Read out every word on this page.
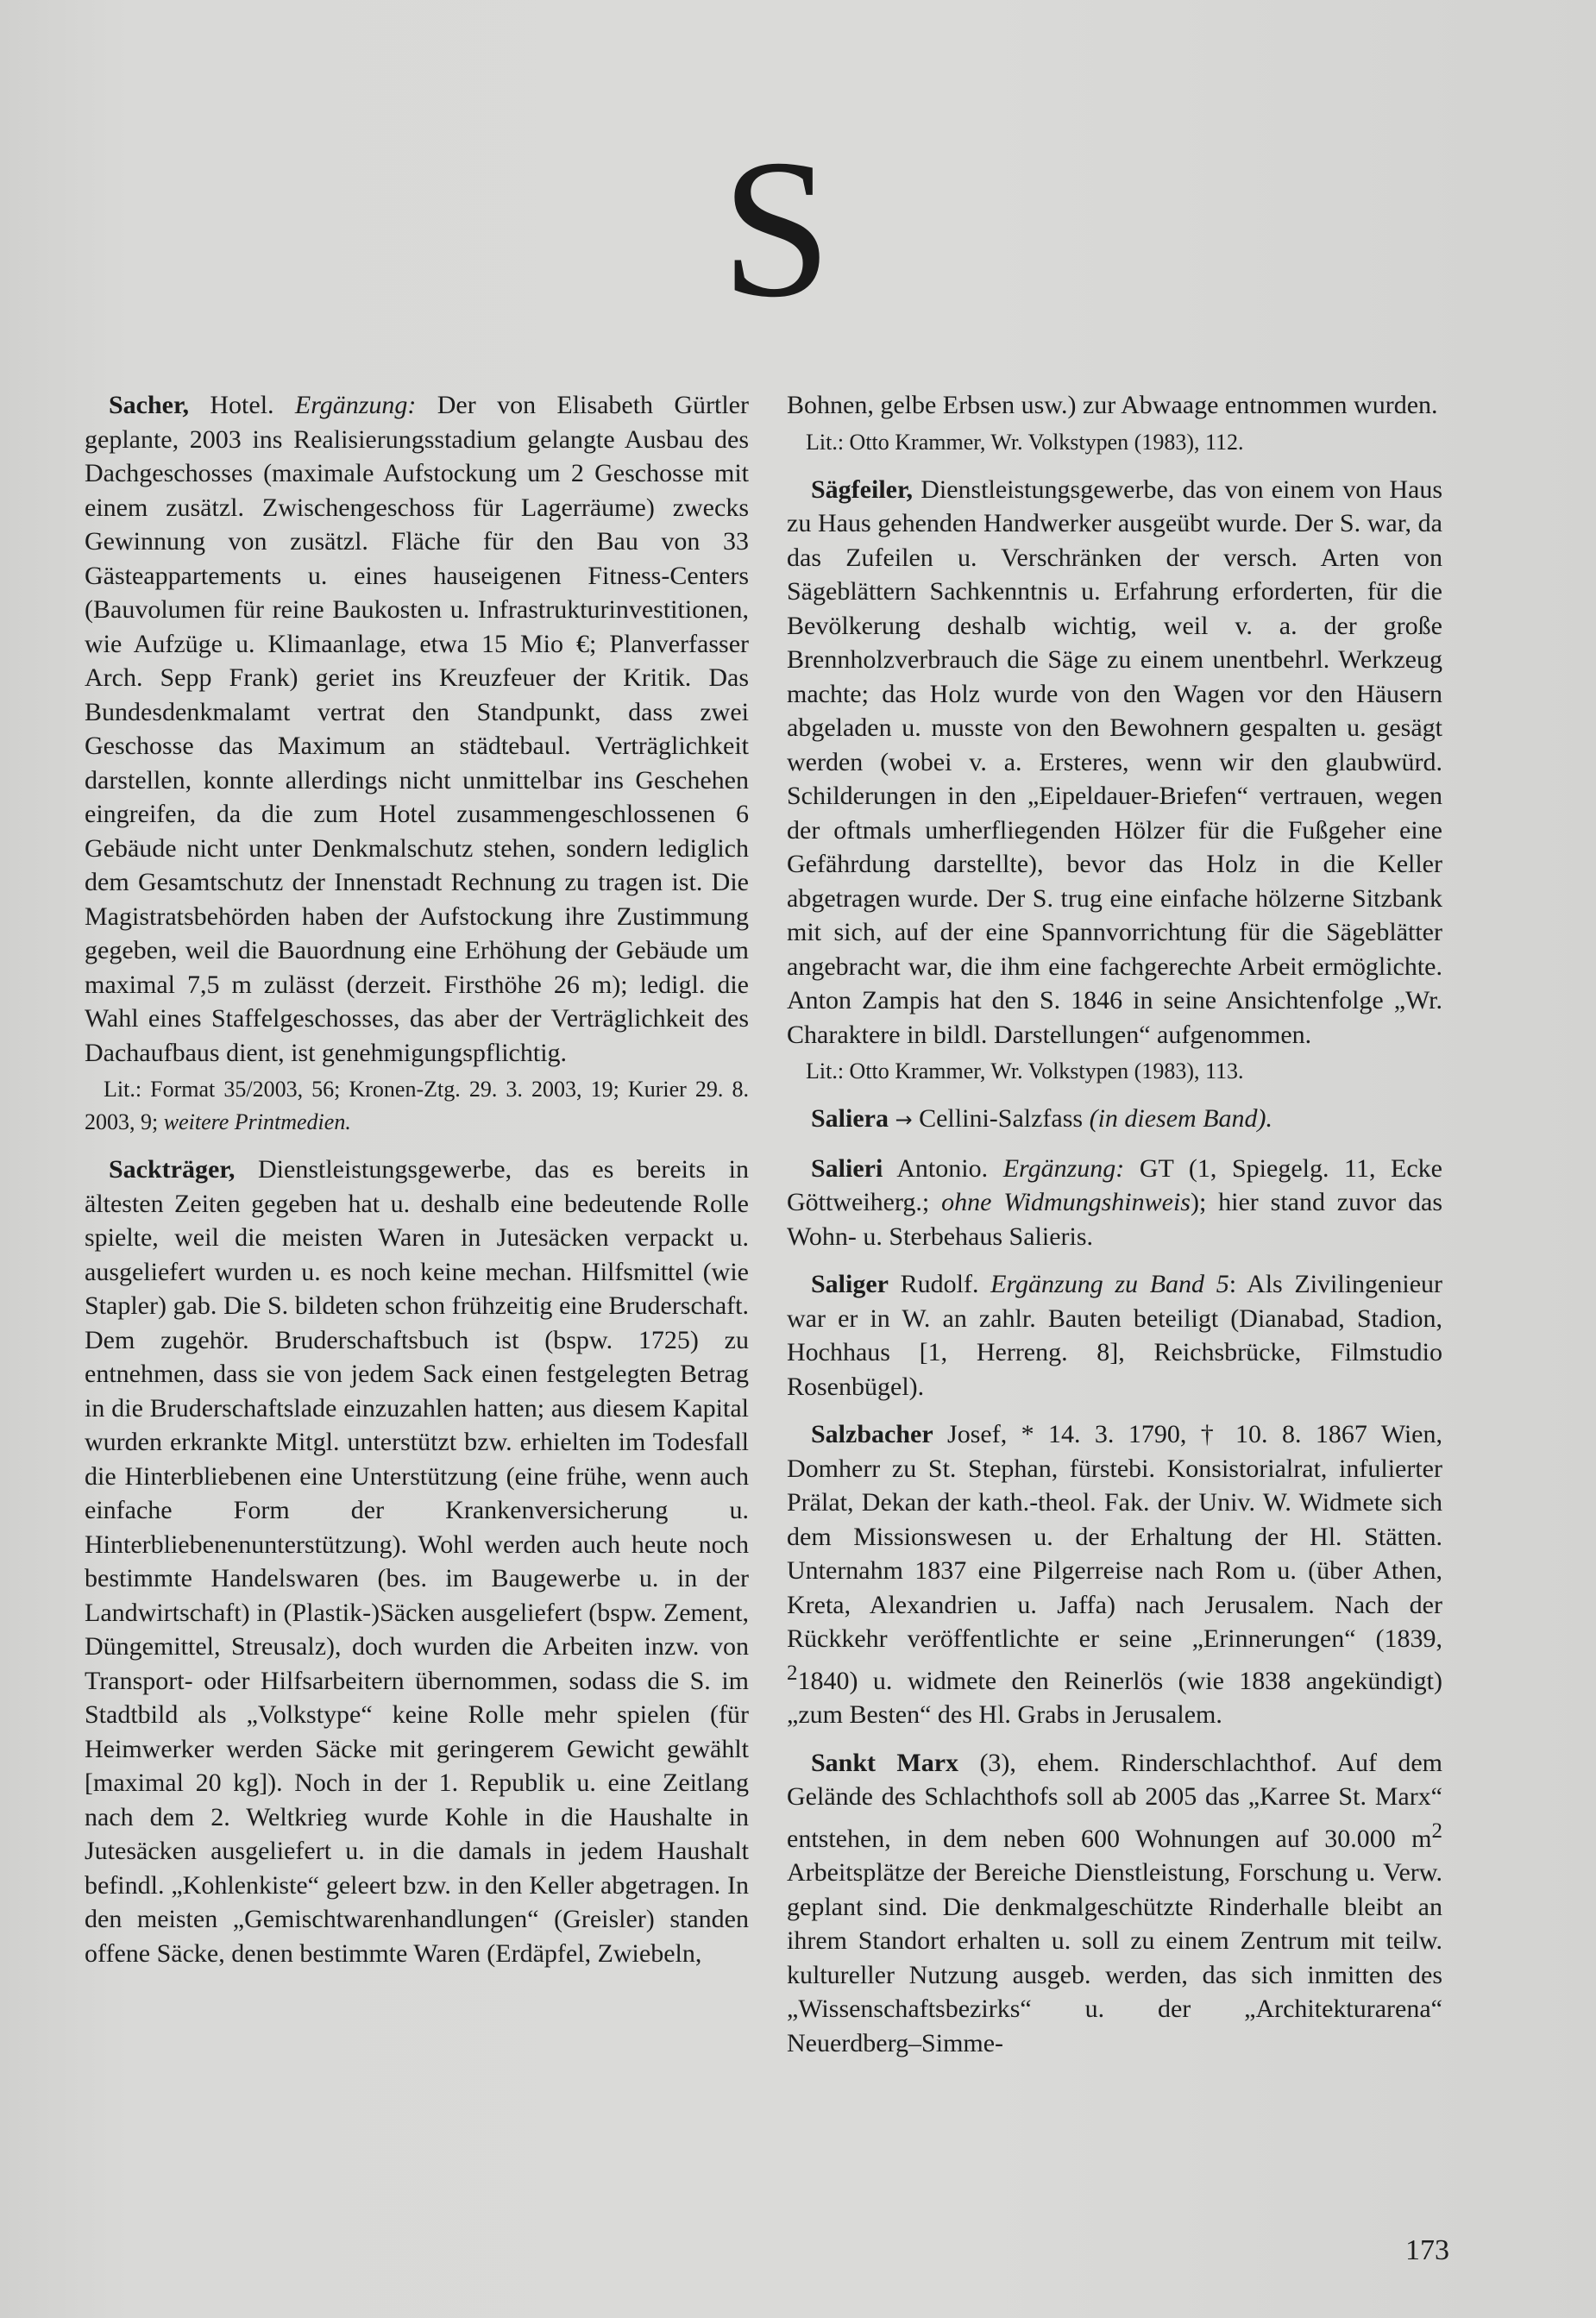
S

Sacher, Hotel. Ergänzung: Der von Elisabeth Gürtler geplante, 2003 ins Realisierungsstadium gelangte Ausbau des Dachgeschosses (maximale Aufstockung um 2 Geschosse mit einem zusätzl. Zwischengeschoss für Lagerräume) zwecks Gewinnung von zusätzl. Fläche für den Bau von 33 Gästeappartements u. eines hauseigenen Fitness-Centers (Bauvolumen für reine Baukosten u. Infrastrukturinvestitionen, wie Aufzüge u. Klimaanlage, etwa 15 Mio €; Planverfasser Arch. Sepp Frank) geriet ins Kreuzfeuer der Kritik. Das Bundesdenkmalamt vertrat den Standpunkt, dass zwei Geschosse das Maximum an städtebaul. Verträglichkeit darstellen, konnte allerdings nicht unmittelbar ins Geschehen eingreifen, da die zum Hotel zusammengeschlossenen 6 Gebäude nicht unter Denkmalschutz stehen, sondern lediglich dem Gesamtschutz der Innenstadt Rechnung zu tragen ist. Die Magistratsbehörden haben der Aufstockung ihre Zustimmung gegeben, weil die Bauordnung eine Erhöhung der Gebäude um maximal 7,5 m zulässt (derzeit. Firsthöhe 26 m); ledigl. die Wahl eines Staffelgeschosses, das aber der Verträglichkeit des Dachaufbaus dient, ist genehmigungspflichtig.

Lit.: Format 35/2003, 56; Kronen-Ztg. 29. 3. 2003, 19; Kurier 29. 8. 2003, 9; weitere Printmedien.

Sackträger, Dienstleistungsgewerbe, das es bereits in ältesten Zeiten gegeben hat u. deshalb eine bedeutende Rolle spielte, weil die meisten Waren in Jutesäcken verpackt u. ausgeliefert wurden u. es noch keine mechan. Hilfsmittel (wie Stapler) gab. Die S. bildeten schon frühzeitig eine Bruderschaft. Dem zugehör. Bruderschaftsbuch ist (bspw. 1725) zu entnehmen, dass sie von jedem Sack einen festgelegten Betrag in die Bruderschaftslade einzuzahlen hatten; aus diesem Kapital wurden erkrankte Mitgl. unterstützt bzw. erhielten im Todesfall die Hinterbliebenen eine Unterstützung (eine frühe, wenn auch einfache Form der Krankenversicherung u. Hinterbliebenenunterstützung). Wohl werden auch heute noch bestimmte Handelswaren (bes. im Baugewerbe u. in der Landwirtschaft) in (Plastik-)Säcken ausgeliefert (bspw. Zement, Düngemittel, Streusalz), doch wurden die Arbeiten inzw. von Transport- oder Hilfsarbeitern übernommen, sodass die S. im Stadtbild als „Volkstype“ keine Rolle mehr spielen (für Heimwerker werden Säcke mit geringerem Gewicht gewählt [maximal 20 kg]). Noch in der 1. Republik u. eine Zeitlang nach dem 2. Weltkrieg wurde Kohle in die Haushalte in Jutesäcken ausgeliefert u. in die damals in jedem Haushalt befindl. „Kohlenkiste“ geleert bzw. in den Keller abgetragen. In den meisten „Gemischtwarenhandlungen“ (Greisler) standen offene Säcke, denen bestimmte Waren (Erdäpfel, Zwiebeln,

Bohnen, gelbe Erbsen usw.) zur Abwaage entnommen wurden.

Lit.: Otto Krammer, Wr. Volkstypen (1983), 112.

Sägfeiler, Dienstleistungsgewerbe, das von einem von Haus zu Haus gehenden Handwerker ausgeübt wurde. Der S. war, da das Zufeilen u. Verschränken der versch. Arten von Sägeblättern Sachkenntnis u. Erfahrung erforderten, für die Bevölkerung deshalb wichtig, weil v. a. der große Brennholzverbrauch die Säge zu einem unentbehrl. Werkzeug machte; das Holz wurde von den Wagen vor den Häusern abgeladen u. musste von den Bewohnern gespalten u. gesägt werden (wobei v. a. Ersteres, wenn wir den glaubwürd. Schilderungen in den „Eipeldauer-Briefen“ vertrauen, wegen der oftmals umherfliegenden Hölzer für die Fußgeher eine Gefährdung darstellte), bevor das Holz in die Keller abgetragen wurde. Der S. trug eine einfache hölzerne Sitzbank mit sich, auf der eine Spannvorrichtung für die Sägeblätter angebracht war, die ihm eine fachgerechte Arbeit ermöglichte. Anton Zampis hat den S. 1846 in seine Ansichtenfolge „Wr. Charaktere in bildl. Darstellungen“ aufgenommen.

Lit.: Otto Krammer, Wr. Volkstypen (1983), 113.

Saliera → Cellini-Salzfass (in diesem Band).

Salieri Antonio. Ergänzung: GT (1, Spiegelg. 11, Ecke Göttweiherg.; ohne Widmungshinweis); hier stand zuvor das Wohn- u. Sterbehaus Salieris.

Saliger Rudolf. Ergänzung zu Band 5: Als Zivilingenieur war er in W. an zahlr. Bauten beteiligt (Dianabad, Stadion, Hochhaus [1, Herreng. 8], Reichsbrücke, Filmstudio Rosenbügel).

Salzbacher Josef, * 14. 3. 1790, † 10. 8. 1867 Wien, Domherr zu St. Stephan, fürstebi. Konsistorialrat, infulierter Prälat, Dekan der kath.-theol. Fak. der Univ. W. Widmete sich dem Missionswesen u. der Erhaltung der Hl. Stätten. Unternahm 1837 eine Pilgerreise nach Rom u. (über Athen, Kreta, Alexandrien u. Jaffa) nach Jerusalem. Nach der Rückkehr veröffentlichte er seine „Erinnerungen“ (1839, $^2$1840) u. widmete den Reinerlös (wie 1838 angekündigt) „zum Besten“ des Hl. Grabs in Jerusalem.

Sankt Marx (3), ehem. Rinderschlachthof. Auf dem Gelände des Schlachthofs soll ab 2005 das „Karree St. Marx“ entstehen, in dem neben 600 Wohnungen auf 30.000 $m^2$ Arbeitsplätze der Bereiche Dienstleistung, Forschung u. Verw. geplant sind. Die denkmalgeschützte Rinderhalle bleibt an ihrem Standort erhalten u. soll zu einem Zentrum mit teilw. kultureller Nutzung ausgeb. werden, das sich inmitten des „Wissenschaftsbezirks“ u. der „Architekturarena“ Neuerdberg–Simme-

173
